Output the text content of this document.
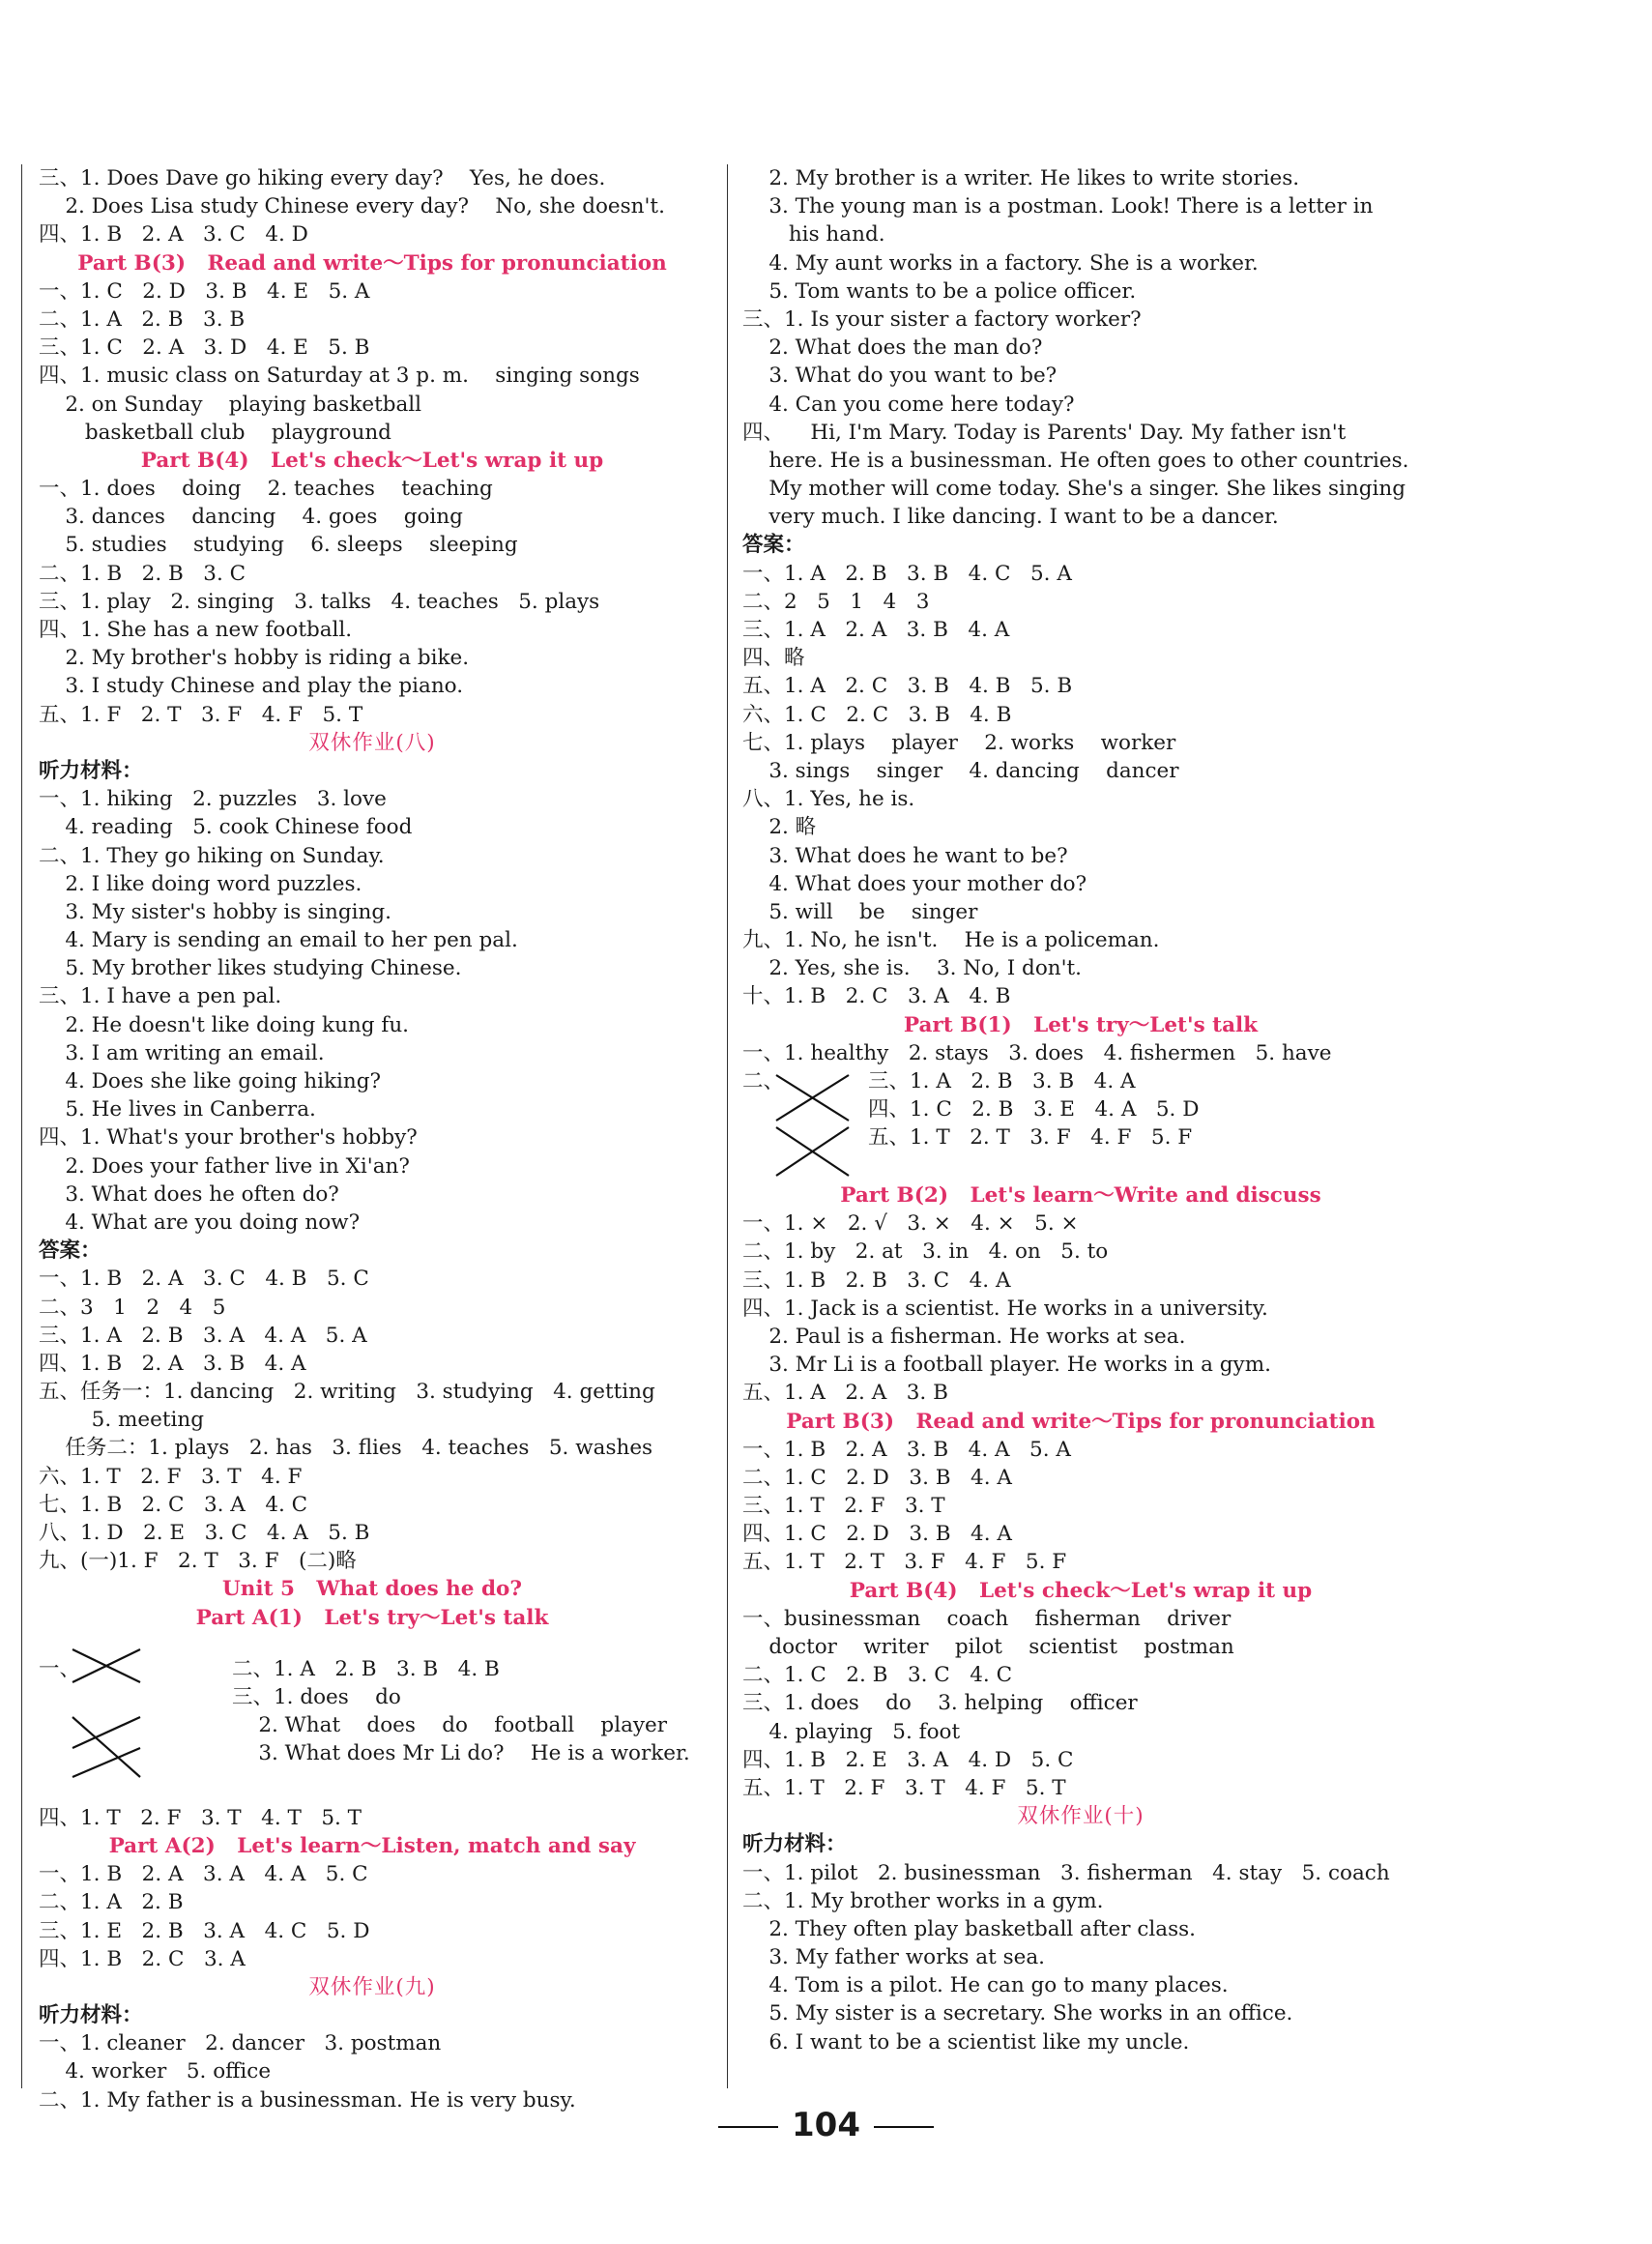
三、1. Does Dave go hiking every day?    Yes, he does.
2. Does Lisa study Chinese every day?    No, she doesn't.
四、1. B   2. A   3. C   4. D
Part B(3)   Read and write～Tips for pronunciation
一、1. C   2. D   3. B   4. E   5. A
二、1. A   2. B   3. B
三、1. C   2. A   3. D   4. E   5. B
四、1. music class on Saturday at 3 p. m.    singing songs
2. on Sunday    playing basketball
basketball club    playground
Part B(4)   Let's check～Let's wrap it up
一、1. does    doing    2. teaches    teaching
3. dances    dancing    4. goes    going
5. studies    studying    6. sleeps    sleeping
二、1. B   2. B   3. C
三、1. play   2. singing   3. talks   4. teaches   5. plays
四、1. She has a new football.
2. My brother's hobby is riding a bike.
3. I study Chinese and play the piano.
五、1. F   2. T   3. F   4. F   5. T
双休作业(八)
听力材料：
一、1. hiking   2. puzzles   3. love
4. reading   5. cook Chinese food
二、1. They go hiking on Sunday.
2. I like doing word puzzles.
3. My sister's hobby is singing.
4. Mary is sending an email to her pen pal.
5. My brother likes studying Chinese.
三、1. I have a pen pal.
2. He doesn't like doing kung fu.
3. I am writing an email.
4. Does she like going hiking?
5. He lives in Canberra.
四、1. What's your brother's hobby?
2. Does your father live in Xi'an?
3. What does he often do?
4. What are you doing now?
答案：
一、1. B   2. A   3. C   4. B   5. C
二、3   1   2   4   5
三、1. A   2. B   3. A   4. A   5. A
四、1. B   2. A   3. B   4. A
五、任务一：1. dancing   2. writing   3. studying   4. getting
5. meeting
任务二：1. plays   2. has   3. flies   4. teaches   5. washes
六、1. T   2. F   3. T   4. F
七、1. B   2. C   3. A   4. C
八、1. D   2. E   3. C   4. A   5. B
九、(一)1. F   2. T   3. F   (二)略
Unit 5   What does he do?
Part A(1)   Let's try～Let's talk
一、	二、1. A   2. B   3. B   4. B
三、1. does    do
2. What    does    do    football    player
3. What does Mr Li do?    He is a worker.
四、1. T   2. F   3. T   4. T   5. T
Part A(2)   Let's learn～Listen, match and say
一、1. B   2. A   3. A   4. A   5. C
二、1. A   2. B
三、1. E   2. B   3. A   4. C   5. D
四、1. B   2. C   3. A
双休作业(九)
听力材料：
一、1. cleaner   2. dancer   3. postman
4. worker   5. office
二、1. My father is a businessman. He is very busy.
2. My brother is a writer. He likes to write stories.
3. The young man is a postman. Look! There is a letter in
his hand.
4. My aunt works in a factory. She is a worker.
5. Tom wants to be a police officer.
三、1. Is your sister a factory worker?
2. What does the man do?
3. What do you want to be?
4. Can you come here today?
四、    Hi, I'm Mary. Today is Parents' Day. My father isn't
here. He is a businessman. He often goes to other countries.
My mother will come today. She's a singer. She likes singing
very much. I like dancing. I want to be a dancer.
答案：
一、1. A   2. B   3. B   4. C   5. A
二、2   5   1   4   3
三、1. A   2. A   3. B   4. A
四、略
五、1. A   2. C   3. B   4. B   5. B
六、1. C   2. C   3. B   4. B
七、1. plays    player    2. works    worker
3. sings    singer    4. dancing    dancer
八、1. Yes, he is.
2. 略
3. What does he want to be?
4. What does your mother do?
5. will    be    singer
九、1. No, he isn't.    He is a policeman.
2. Yes, she is.    3. No, I don't.
十、1. B   2. C   3. A   4. B
Part B(1)   Let's try～Let's talk
一、1. healthy   2. stays   3. does   4. fishermen   5. have
二、	三、1. A   2. B   3. B   4. A
四、1. C   2. B   3. E   4. A   5. D
五、1. T   2. T   3. F   4. F   5. F
Part B(2)   Let's learn～Write and discuss
一、1. ×   2. √   3. ×   4. ×   5. ×
二、1. by   2. at   3. in   4. on   5. to
三、1. B   2. B   3. C   4. A
四、1. Jack is a scientist. He works in a university.
2. Paul is a fisherman. He works at sea.
3. Mr Li is a football player. He works in a gym.
五、1. A   2. A   3. B
Part B(3)   Read and write～Tips for pronunciation
一、1. B   2. A   3. B   4. A   5. A
二、1. C   2. D   3. B   4. A
三、1. T   2. F   3. T
四、1. C   2. D   3. B   4. A
五、1. T   2. T   3. F   4. F   5. F
Part B(4)   Let's check～Let's wrap it up
一、businessman    coach    fisherman    driver
doctor    writer    pilot    scientist    postman
二、1. C   2. B   3. C   4. C
三、1. does    do    3. helping    officer
4. playing   5. foot
四、1. B   2. E   3. A   4. D   5. C
五、1. T   2. F   3. T   4. F   5. T
双休作业(十)
听力材料：
一、1. pilot   2. businessman   3. fisherman   4. stay   5. coach
二、1. My brother works in a gym.
2. They often play basketball after class.
3. My father works at sea.
4. Tom is a pilot. He can go to many places.
5. My sister is a secretary. She works in an office.
6. I want to be a scientist like my uncle.
104
